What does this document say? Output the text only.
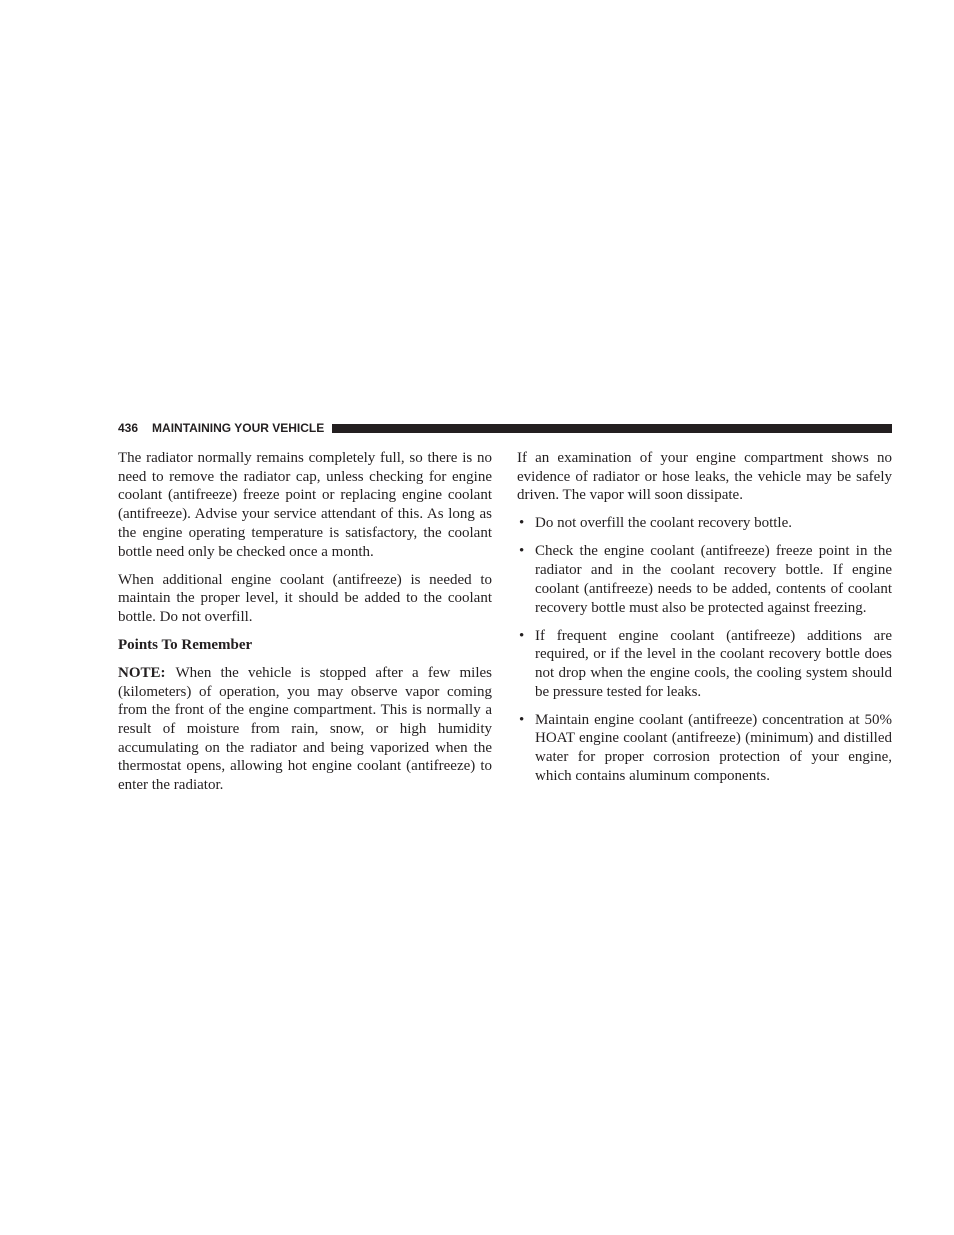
436 MAINTAINING YOUR VEHICLE

The radiator normally remains completely full, so there is no need to remove the radiator cap, unless checking for engine coolant (antifreeze) freeze point or replacing engine coolant (antifreeze). Advise your service attendant of this. As long as the engine operating temperature is satisfactory, the coolant bottle need only be checked once a month.

When additional engine coolant (antifreeze) is needed to maintain the proper level, it should be added to the coolant bottle. Do not overfill.

Points To Remember

NOTE: When the vehicle is stopped after a few miles (kilometers) of operation, you may observe vapor coming from the front of the engine compartment. This is normally a result of moisture from rain, snow, or high humidity accumulating on the radiator and being vaporized when the thermostat opens, allowing hot engine coolant (antifreeze) to enter the radiator.

If an examination of your engine compartment shows no evidence of radiator or hose leaks, the vehicle may be safely driven. The vapor will soon dissipate.

• Do not overfill the coolant recovery bottle.
• Check the engine coolant (antifreeze) freeze point in the radiator and in the coolant recovery bottle. If engine coolant (antifreeze) needs to be added, contents of coolant recovery bottle must also be protected against freezing.
• If frequent engine coolant (antifreeze) additions are required, or if the level in the coolant recovery bottle does not drop when the engine cools, the cooling system should be pressure tested for leaks.
• Maintain engine coolant (antifreeze) concentration at 50% HOAT engine coolant (antifreeze) (minimum) and distilled water for proper corrosion protection of your engine, which contains aluminum components.
